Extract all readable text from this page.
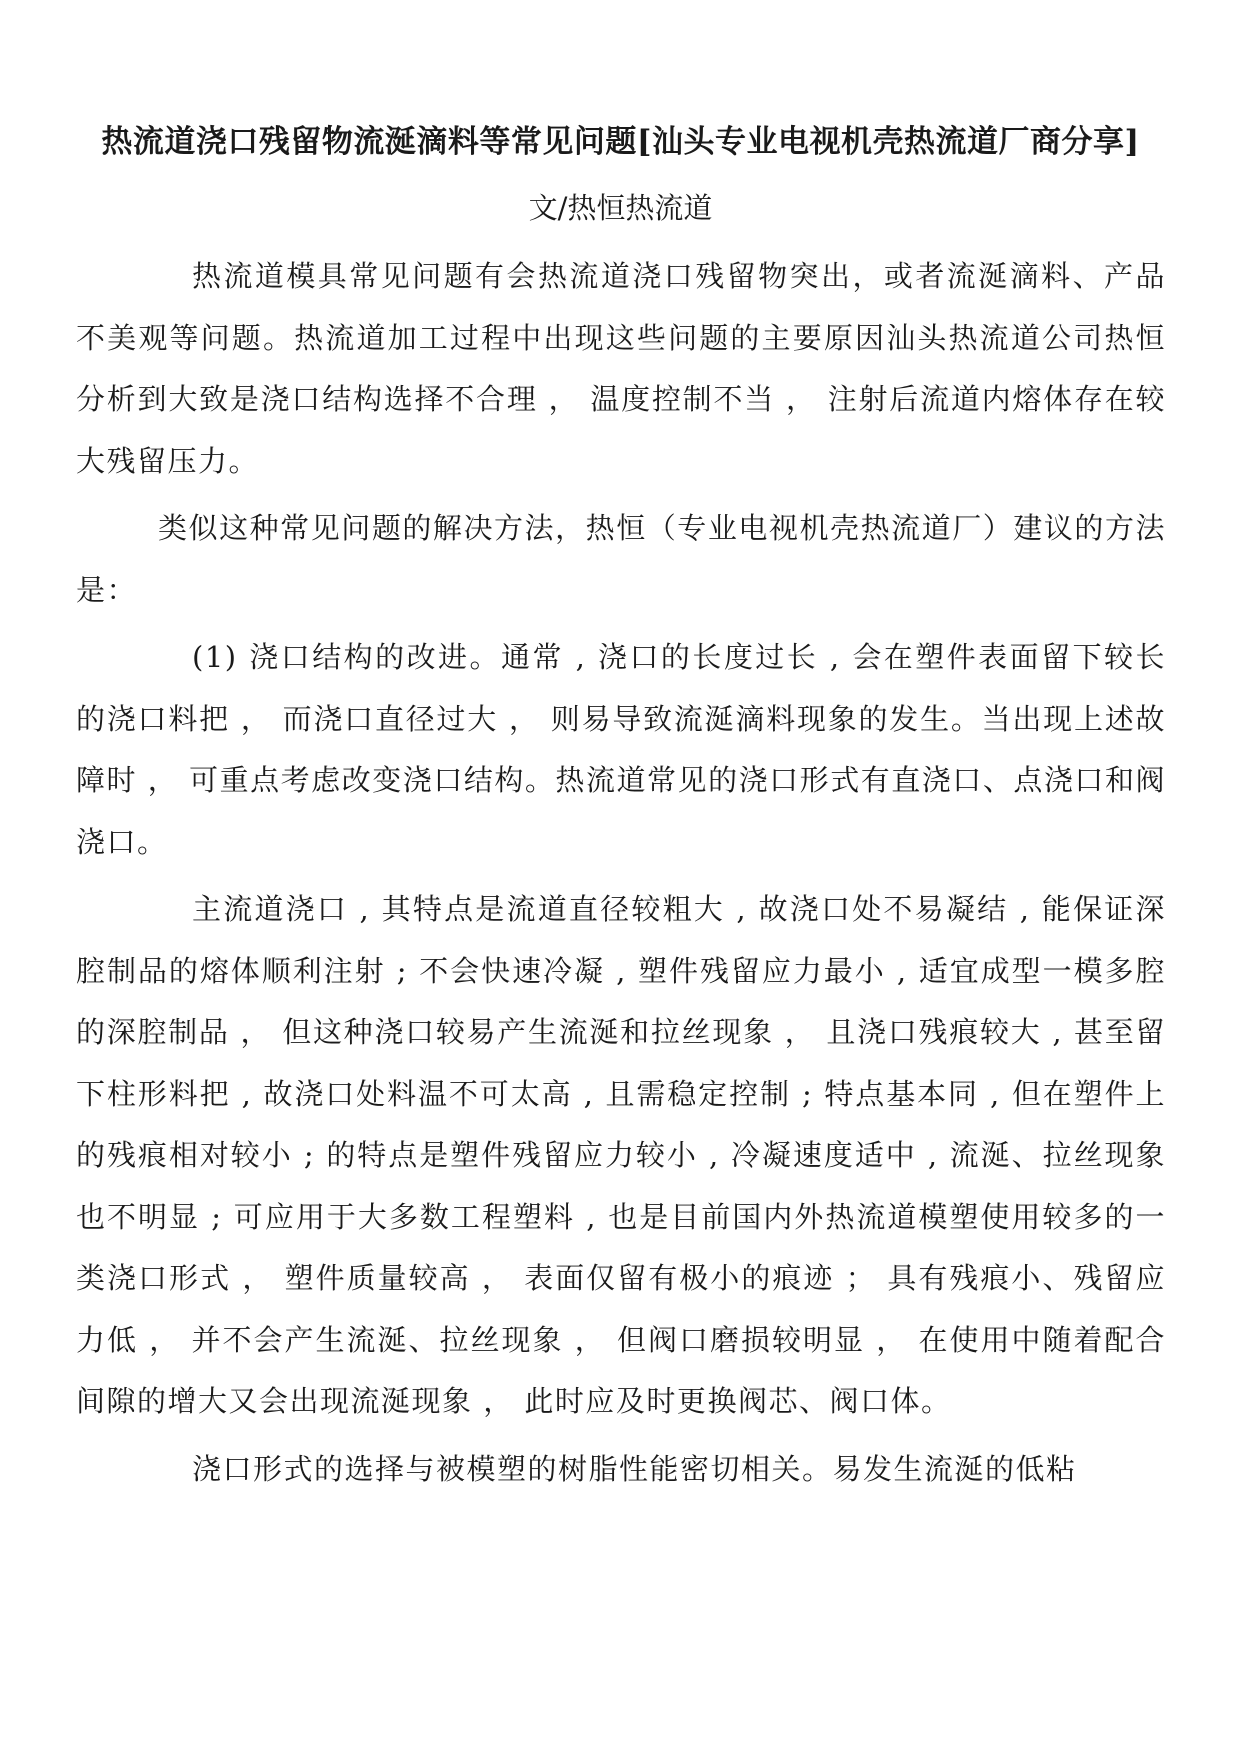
热流道浇口残留物流涎滴料等常见问题[汕头专业电视机壳热流道厂商分享]

文/热恒热流道

热流道模具常见问题有会热流道浇口残留物突出，或者流涎滴料、产品不美观等问题。热流道加工过程中出现这些问题的主要原因汕头热流道公司热恒分析到大致是浇口结构选择不合理 ， 温度控制不当 ， 注射后流道内熔体存在较大残留压力。

类似这种常见问题的解决方法，热恒（专业电视机壳热流道厂）建议的方法是：

(1) 浇口结构的改进。通常 , 浇口的长度过长 , 会在塑件表面留下较长的浇口料把 ， 而浇口直径过大 ， 则易导致流涎滴料现象的发生。当出现上述故障时 ， 可重点考虑改变浇口结构。热流道常见的浇口形式有直浇口、点浇口和阀浇口。

主流道浇口 , 其特点是流道直径较粗大 , 故浇口处不易凝结 , 能保证深腔制品的熔体顺利注射 ; 不会快速冷凝 , 塑件残留应力最小 , 适宜成型一模多腔的深腔制品 ， 但这种浇口较易产生流涎和拉丝现象 ， 且浇口残痕较大 , 甚至留下柱形料把 , 故浇口处料温不可太高 , 且需稳定控制 ; 特点基本同 , 但在塑件上的残痕相对较小 ; 的特点是塑件残留应力较小 , 冷凝速度适中 , 流涎、拉丝现象也不明显 ; 可应用于大多数工程塑料 , 也是目前国内外热流道模塑使用较多的一类浇口形式 ， 塑件质量较高 ， 表面仅留有极小的痕迹 ； 具有残痕小、残留应力低 ， 并不会产生流涎、拉丝现象 ， 但阀口磨损较明显 ， 在使用中随着配合间隙的增大又会出现流涎现象 ， 此时应及时更换阀芯、阀口体。

浇口形式的选择与被模塑的树脂性能密切相关。易发生流涎的低粘
